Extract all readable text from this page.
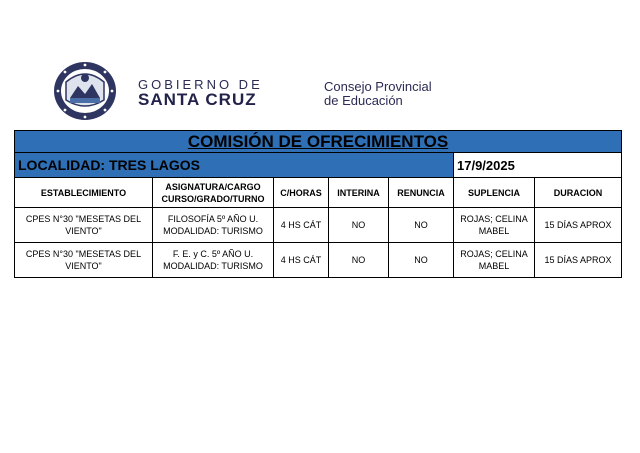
GOBIERNO DE
SANTA CRUZ
Consejo Provincial
de Educación
COMISIÓN DE OFRECIMIENTOS						
LOCALIDAD: TRES LAGOS					17/9/2025	
ESTABLECIMIENTO	ASIGNATURA/CARGO CURSO/GRADO/TURNO	C/HORAS	INTERINA	RENUNCIA	SUPLENCIA	DURACION
CPES N°30 "MESETAS DEL VIENTO"	FILOSOFÍA 5º AÑO U. MODALIDAD: TURISMO	4 HS CÁT	NO	NO	ROJAS; CELINA MABEL	15 DÍAS APROX
CPES N°30 "MESETAS DEL VIENTO"	F. E. y C. 5º AÑO U. MODALIDAD: TURISMO	4 HS CÁT	NO	NO	ROJAS; CELINA MABEL	15 DÍAS APROX
